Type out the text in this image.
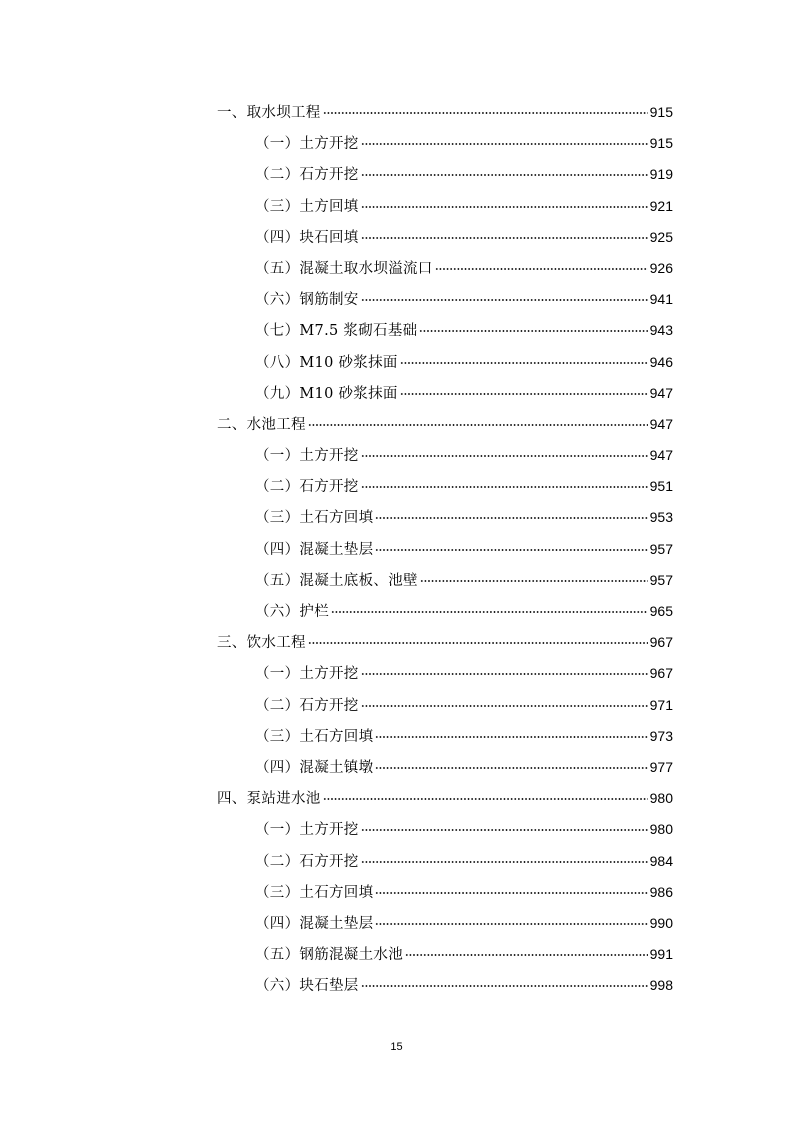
一、取水坝工程	915
（一）土方开挖	915
（二）石方开挖	919
（三）土方回填	921
（四）块石回填	925
（五）混凝土取水坝溢流口	926
（六）钢筋制安	941
（七）M7.5 浆砌石基础	943
（八）M10 砂浆抹面	946
（九）M10 砂浆抹面	947
二、水池工程	947
（一）土方开挖	947
（二）石方开挖	951
（三）土石方回填	953
（四）混凝土垫层	957
（五）混凝土底板、池壁	957
（六）护栏	965
三、饮水工程	967
（一）土方开挖	967
（二）石方开挖	971
（三）土石方回填	973
（四）混凝土镇墩	977
四、泵站进水池	980
（一）土方开挖	980
（二）石方开挖	984
（三）土石方回填	986
（四）混凝土垫层	990
（五）钢筋混凝土水池	991
（六）块石垫层	998
15
